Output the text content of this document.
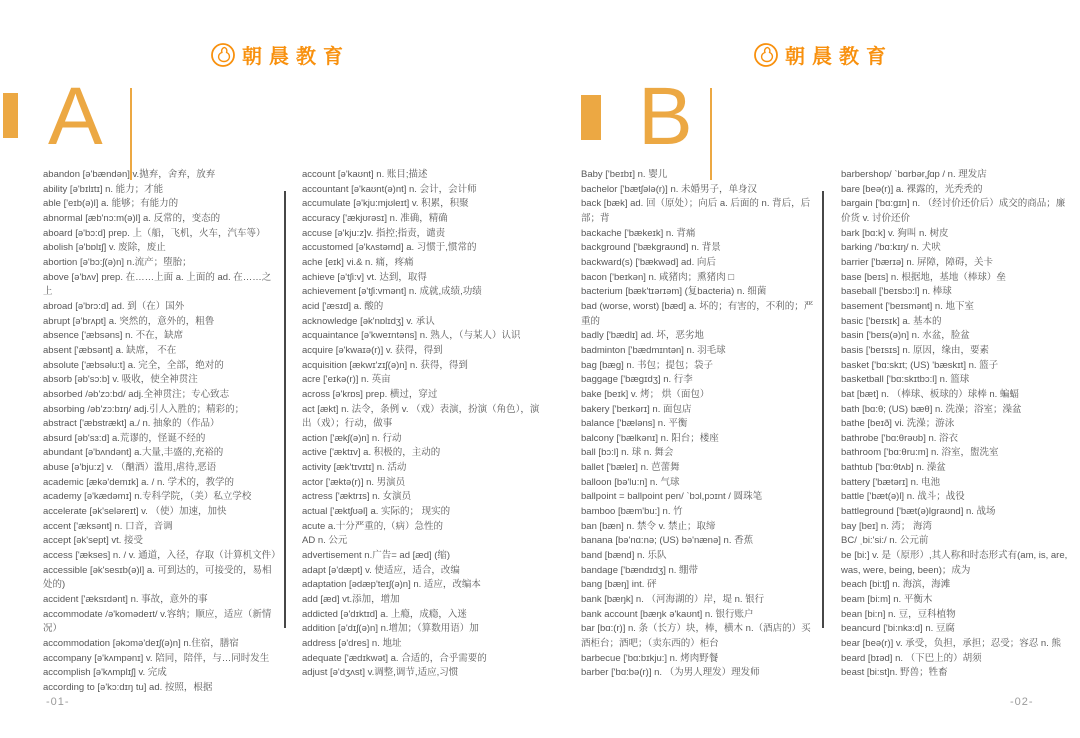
朝晨教育
A
abandon [ə'bændən] v.抛弃，舍弃，放弃
ability [ə'bɪlɪtɪ] n. 能力；才能
able ['eɪb(ə)l] a. 能够；有能力的
abnormal [æb'nɔ:m(ə)l] a. 反常的，变态的
aboard [ə'bɔ:d] prep. 上（船，飞机，火车，汽车等）
abolish [ə'bɒlɪʃ] v. 废除，废止
abortion [ə'bɔ:ʃ(ə)n] n.流产；堕胎；
above [ə'bʌv] prep. 在……上面 a. 上面的 ad. 在……之上
abroad [ə'brɔ:d] ad. 到（在）国外
abrupt [ə'brʌpt] a. 突然的，意外的，粗鲁
absence ['æbsəns] n. 不在，缺席
absent ['æbsənt] a. 缺席， 不在
absolute ['æbsəlu:t] a. 完全，全部，绝对的
absorb [əb'sɔ:b] v. 吸收，使全神贯注
absorbed /əb'zɔ:bd/ adj.全神贯注；专心致志
absorbing /əb'zɔ:bɪŋ/ adj.引人入胜的；精彩的；
abstract ['æbstrækt] a./ n. 抽象的（作品）
absurd [əb'sɜ:d] a.荒谬的，怪诞不经的
abundant [ə'bʌndənt] a.大量,丰盛的,充裕的
abuse [ə'bju:z] v. （酗酒）滥用,虐待,恶语
academic [ækə'demɪk] a. / n. 学术的，教学的
academy [ə'kædəmɪ] n.专科学院，（美）私立学校
accelerate [ək'seləreɪt] v. （使）加速，加快
accent ['æksənt] n. 口音，音调
accept [ək'sept] vt. 接受
access ['ækses] n. / v. 通道，入径，存取（计算机文件）
accessible [ək'sesɪb(ə)l] a. 可到达的，可接受的，易相处的)
accident ['æksɪdənt] n. 事故，意外的事
accommodate /ə'komədeɪt/ v.容纳；顺应，适应（新情况）
accommodation [əkɔmə'deɪʃ(ə)n] n.住宿，膳宿
accompany [ə'kʌmpənɪ] v. 陪同，陪伴，与…同时发生
accomplish [ə'kʌmplɪʃ] v. 完成
according to [ə'kɔ:dɪŋ tu] ad. 按照，根据
account [ə'kaʊnt] n. 账目;描述
accountant [ə'kaʊnt(ə)nt] n. 会计，会计师
accumulate [ə'kju:mjʊleɪt] v. 积累，积聚
accuracy ['ækjʊrəsɪ] n. 准确，精确
accuse [ə'kju:z]v. 指控;指责，谴责
accustomed [ə'kʌstəmd] a. 习惯于,惯常的
ache [eɪk] vi.& n. 痛，疼痛
achieve [ə'tʃi:v] vt. 达到，取得
achievement [ə'tʃi:vmənt] n. 成就,成绩,功绩
acid ['æsɪd] a. 酸的
acknowledge [ək'nɒlɪdʒ] v. 承认
acquaintance [ə'kweɪntəns] n. 熟人，（与某人）认识
acquire [ə'kwaɪə(r)] v. 获得，得到
acquisition [ækwɪ'zɪʃ(ə)n] n. 获得，得到
acre ['eɪkə(r)] n. 英亩
across [ə'krɒs] prep. 横过，穿过
act [ækt] n. 法令，条例 v. （戏）表演，扮演（角色），演出（戏）；行动，做事
action ['ækʃ(ə)n] n. 行动
active ['æktɪv] a. 积极的，主动的
activity [æk'tɪvɪtɪ] n. 活动
actor ['æktə(r)] n. 男演员
actress ['æktrɪs] n. 女演员
actual ['æktʃʊəl] a. 实际的； 现实的
acute a.十分严重的,（病）急性的
AD n. 公元
advertisement n.广告= ad [æd] (缩)
adapt [ə'dæpt] v. 使适应，适合，改编
adaptation [ədæp'teɪʃ(ə)n] n. 适应，改编本
add [æd] vt.添加，增加
addicted [ə'dɪktɪd] a. 上瘾，成瘾，入迷
addition [ə'dɪʃ(ə)n] n.增加；（算数用语）加
address [ə'dres] n. 地址
adequate ['ædɪkwət] a. 合适的，合乎需要的
adjust [ə'dʒʌst] v.调整,调节,适应,习惯
-01-
朝晨教育
B
Baby ['beɪbɪ] n. 婴儿
bachelor ['bætʃələ(r)] n. 未婚男子，单身汉
back [bæk] ad. 回（原处）；向后 a. 后面的 n. 背后，后部；背
backache ['bækeɪk] n. 背痛
background ['bækgraʊnd] n. 背景
backward(s) ['bækwəd] ad. 向后
bacon ['beɪkən] n. 咸猪肉；熏猪肉 □
bacterium [bæk'tɪərɪəm] (复bacteria) n. 细菌
bad (worse, worst) [bæd] a. 坏的；有害的，不利的；严重的
badly ['bædlɪ] ad. 坏，恶劣地
badminton ['bædmɪntən] n. 羽毛球
bag [bæg] n. 书包；提包；袋子
baggage ['bægɪdʒ] n. 行李
bake [beɪk] v. 烤； 烘（面包）
bakery ['beɪkərɪ] n. 面包店
balance ['bæləns] n. 平衡
balcony ['bælkənɪ] n. 阳台；楼座
ball [bɔ:l] n. 球 n. 舞会
ballet ['bæleɪ] n. 芭蕾舞
balloon [bə'lu:n] n. 气球
ballpoint = ballpoint pen/ ˋbɔl,pɔɪnt / 圆珠笔
bamboo [bæm'bu:] n. 竹
ban [bæn] n. 禁令 v. 禁止；取缔
banana [bə'nɑ:nə; (US) bə'nænə] n. 香蕉
band [bænd] n. 乐队
bandage ['bændɪdʒ] n. 绷带
bang [bæŋ] int. 砰
bank [bæŋk] n. （河海湖的）岸，堤 n. 银行
bank account [bæŋk ə'kaʊnt] n. 银行账户
bar [bɑ:(r)] n. 条（长方）块，棒，横木 n.（酒店的）买酒柜台；酒吧；（卖东西的）柜台
barbecue ['bɑ:bɪkju:] n. 烤肉野餐
barber ['bɑ:bə(r)] n. （为男人理发）理发师
barbershop/ ˋbɑrbər,ʃɑp / n. 理发店
bare [beə(r)] a. 裸露的，光秃秃的
bargain ['bɑ:gɪn] n. （经讨价还价后）成交的商品；廉价货 v. 讨价还价
bark [bɑ:k] v. 狗叫 n. 树皮
barking /'bɑ:kɪŋ/ n. 犬吠
barrier ['bærɪə] n. 屏障，障碍，关卡
base [beɪs] n. 根据地，基地（棒球）垒
baseball ['beɪsbɔ:l] n. 棒球
basement ['beɪsmənt] n. 地下室
basic ['beɪsɪk] a. 基本的
basin ['beɪs(ə)n] n. 水盆，脸盆
basis ['beɪsɪs] n. 原因，缘由，要素
basket ['bɑ:skɪt; (US) 'bæskɪt] n. 篮子
basketball ['bɑ:skɪtbɔ:l] n. 篮球
bat [bæt] n. （棒球、板球的）球棒 n. 蝙蝠
bath [bɑ:θ; (US) bæθ] n. 洗澡；浴室；澡盆
bathe [beɪð] vi. 洗澡；游泳
bathrobe ['bɑ:θrəʊb] n. 浴衣
bathroom ['bɑ:θru:m] n. 浴室，盥洗室
bathtub ['bɑ:θtʌb] n. 澡盆
battery ['bætərɪ] n. 电池
battle ['bæt(ə)l] n. 战斗；战役
battleground ['bæt(ə)lgraʊnd] n. 战场
bay [beɪ] n. 湾； 海湾
BC/ ˌbi:'si:/ n. 公元前
be [bi:] v. 是（原形）,其人称和时态形式有(am, is, are, was, were, being, been)；成为
beach [bi:tʃ] n. 海滨，海滩
beam [bi:m] n. 平衡木
bean [bi:n] n. 豆，豆科植物
beancurd ['bi:nkɜ:d] n. 豆腐
bear [beə(r)] v. 承受，负担，承担；忍受；容忍 n. 熊
beard [bɪəd] n. （下巴上的）胡须
beast [bi:st]n. 野兽；牲畜
-02-
